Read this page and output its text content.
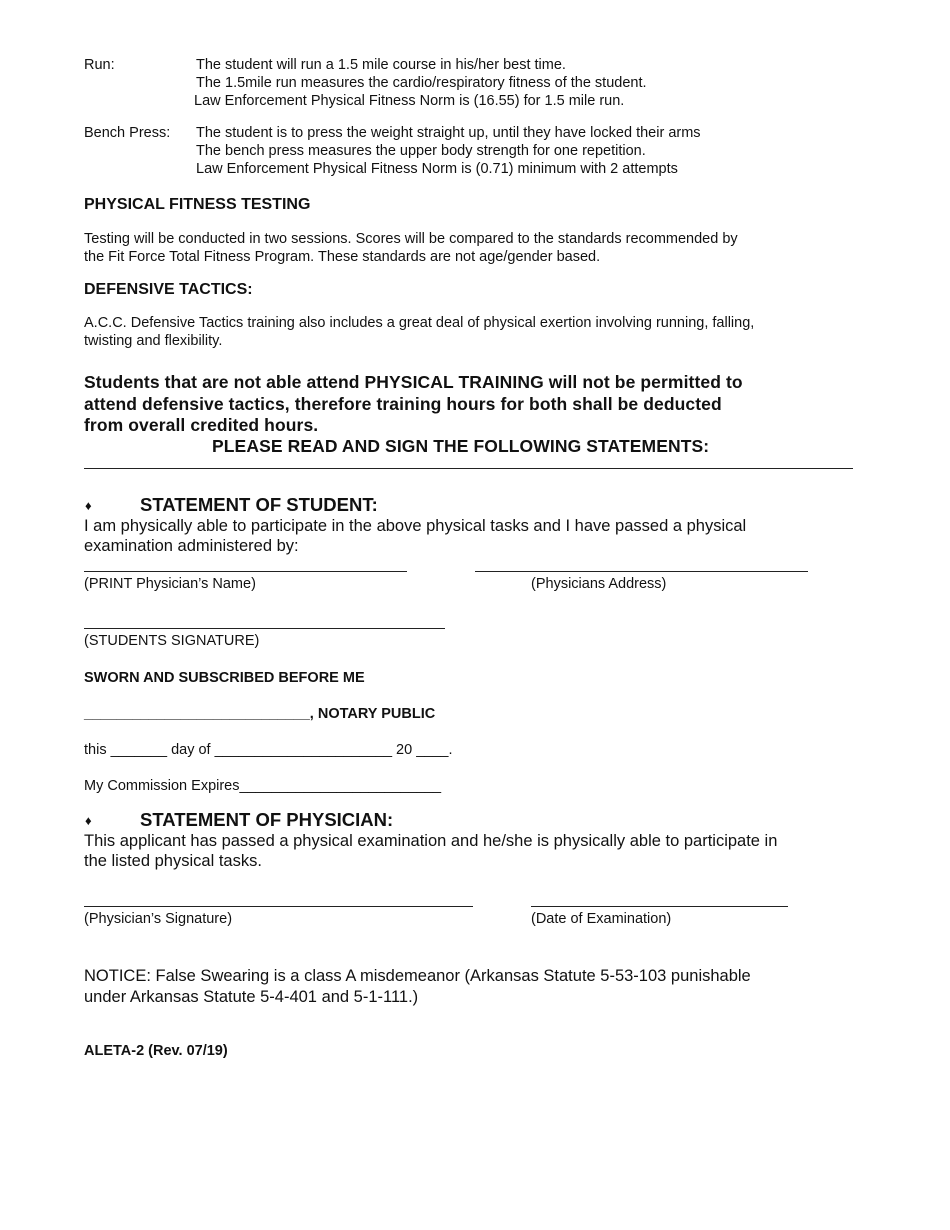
Run:	The student will run a 1.5 mile course in his/her best time.
The 1.5mile run measures the cardio/respiratory fitness of the student.
Law Enforcement Physical Fitness Norm is (16.55) for 1.5 mile run.
Bench Press: The student is to press the weight straight up, until they have locked their arms
The bench press measures the upper body strength for one repetition.
Law Enforcement Physical Fitness Norm is (0.71) minimum with 2 attempts
PHYSICAL FITNESS TESTING
Testing will be conducted in two sessions. Scores will be compared to the standards recommended by
the Fit Force Total Fitness Program. These standards are not age/gender based.
DEFENSIVE TACTICS:
A.C.C. Defensive Tactics training also includes a great deal of physical exertion involving running, falling,
twisting and flexibility.
Students that are not able attend PHYSICAL TRAINING will not be permitted to
attend defensive tactics, therefore training hours for both shall be deducted
from overall credited hours.
PLEASE READ AND SIGN THE FOLLOWING STATEMENTS:
♦	STATEMENT OF STUDENT:
I am physically able to participate in the above physical tasks and I have passed a physical
examination administered by:
(PRINT Physician’s Name)	(Physicians Address)
(STUDENTS SIGNATURE)
SWORN AND SUBSCRIBED BEFORE ME
____________________________, NOTARY PUBLIC
this _______ day of ______________________ 20 ____.
My Commission Expires_________________________
♦	STATEMENT OF PHYSICIAN:
This applicant has passed a physical examination and he/she is physically able to participate in
the listed physical tasks.
(Physician’s Signature)	(Date of Examination)
NOTICE: False Swearing is a class A misdemeanor (Arkansas Statute 5-53-103 punishable
under Arkansas Statute 5-4-401 and 5-1-111.)
ALETA-2 (Rev. 07/19)
